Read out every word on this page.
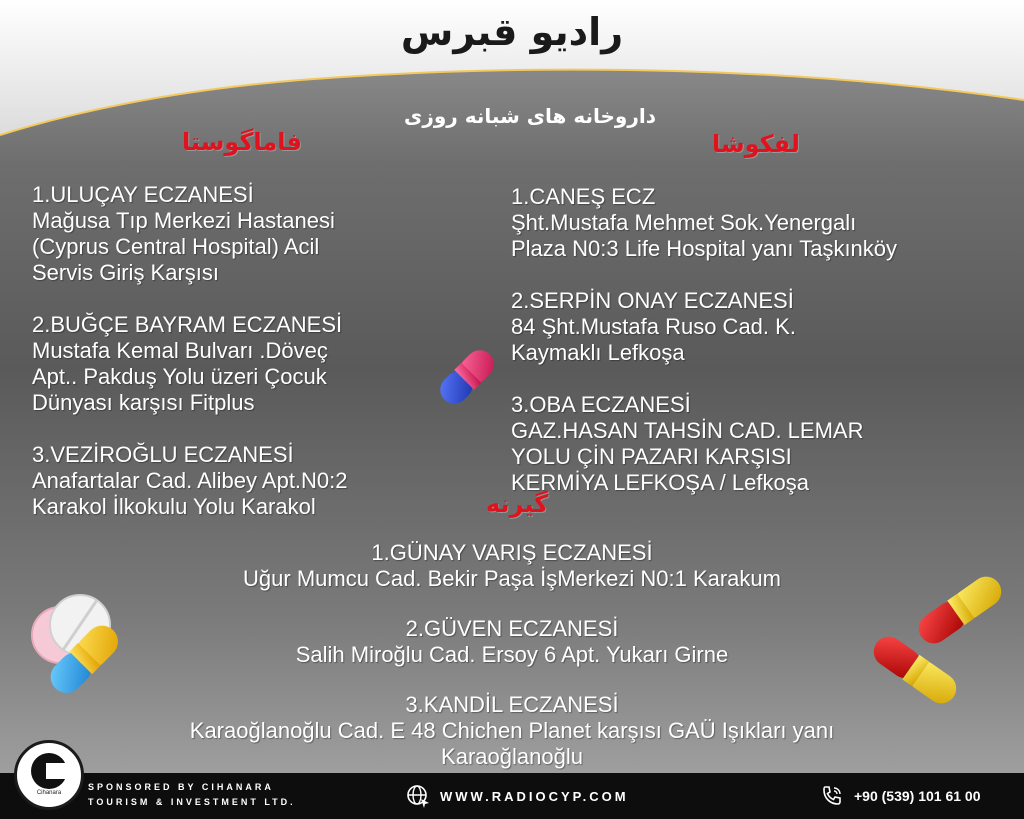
رادیو قبرس
داروخانه های شبانه روزی
فاماگوستا	لفکوشا
گیرنه
1.ULUÇAY ECZANESİ
Mağusa Tıp Merkezi Hastanesi
(Cyprus Central Hospital) Acil
Servis Giriş Karşısı
2.BUĞÇE BAYRAM ECZANESİ
Mustafa Kemal Bulvarı .Döveç
Apt.. Pakduş Yolu üzeri Çocuk
Dünyası karşısı Fitplus
3.VEZİROĞLU ECZANESİ
Anafartalar Cad. Alibey Apt.N0:2
Karakol İlkokulu Yolu Karakol
1.CANEŞ ECZ
Şht.Mustafa Mehmet Sok.Yenergalı
Plaza N0:3 Life Hospital yanı Taşkınköy
2.SERPİN ONAY ECZANESİ
84 Şht.Mustafa Ruso Cad. K.
Kaymaklı Lefkoşa
3.OBA ECZANESİ
GAZ.HASAN TAHSİN CAD. LEMAR
YOLU ÇİN PAZARI KARŞISI
KERMİYA LEFKOŞA / Lefkoşa
1.GÜNAY VARIŞ ECZANESİ
Uğur Mumcu Cad. Bekir Paşa İşMerkezi N0:1 Karakum
2.GÜVEN ECZANESİ
Salih Miroğlu Cad. Ersoy 6 Apt. Yukarı Girne
3.KANDİL ECZANESİ
Karaoğlanoğlu Cad. E 48 Chichen Planet karşısı GAÜ Işıkları yanı
Karaoğlanoğlu
Cihanara
SPONSORED BY CIHANARA
TOURISM & INVESTMENT LTD.	WWW.RADIOCYP.COM	+90 (539) 101 61 00
